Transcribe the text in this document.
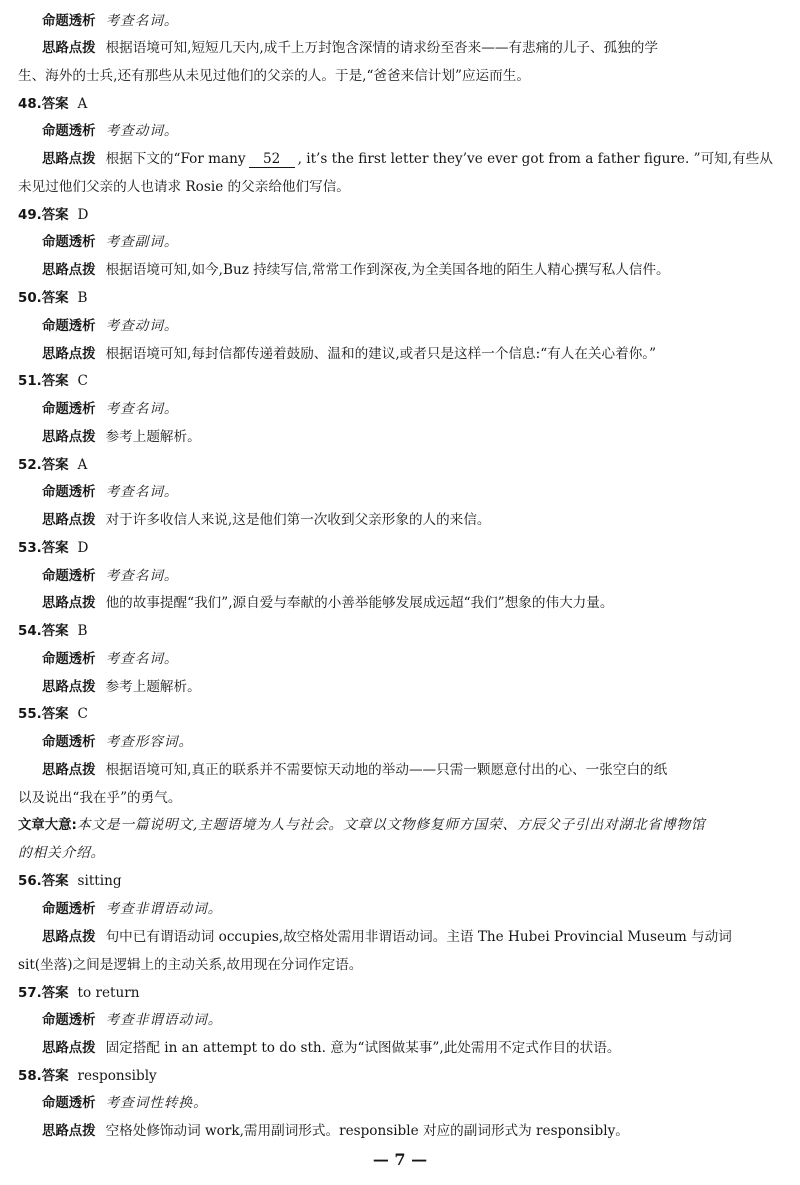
命题透析 考查名词。
思路点拨 根据语境可知,短短几天内,成千上万封饱含深情的请求纷至沓来——有悲痛的儿子、孤独的学
生、海外的士兵,还有那些从未见过他们的父亲的人。于是,“爸爸来信计划”应运而生。
48.答案 A
命题透析 考查动词。
思路点拨 根据下文的“For many 52 , it’s the first letter they’ve ever got from a father figure. ”可知,有些从
未见过他们父亲的人也请求 Rosie 的父亲给他们写信。
49.答案 D
命题透析 考查副词。
思路点拨 根据语境可知,如今,Buz 持续写信,常常工作到深夜,为全美国各地的陌生人精心撰写私人信件。
50.答案 B
命题透析 考查动词。
思路点拨 根据语境可知,每封信都传递着鼓励、温和的建议,或者只是这样一个信息:“有人在关心着你。”
51.答案 C
命题透析 考查名词。
思路点拨 参考上题解析。
52.答案 A
命题透析 考查名词。
思路点拨 对于许多收信人来说,这是他们第一次收到父亲形象的人的来信。
53.答案 D
命题透析 考查名词。
思路点拨 他的故事提醒“我们”,源自爱与奉献的小善举能够发展成远超“我们”想象的伟大力量。
54.答案 B
命题透析 考查名词。
思路点拨 参考上题解析。
55.答案 C
命题透析 考查形容词。
思路点拨 根据语境可知,真正的联系并不需要惊天动地的举动——只需一颗愿意付出的心、一张空白的纸
以及说出“我在乎”的勇气。
文章大意:本文是一篇说明文,主题语境为人与社会。文章以文物修复师方国荣、方辰父子引出对湖北省博物馆
的相关介绍。
56.答案 sitting
命题透析 考查非谓语动词。
思路点拨 句中已有谓语动词 occupies,故空格处需用非谓语动词。主语 The Hubei Provincial Museum 与动词
sit(坐落)之间是逻辑上的主动关系,故用现在分词作定语。
57.答案 to return
命题透析 考查非谓语动词。
思路点拨 固定搭配 in an attempt to do sth. 意为“试图做某事”,此处需用不定式作目的状语。
58.答案 responsibly
命题透析 考查词性转换。
思路点拨 空格处修饰动词 work,需用副词形式。responsible 对应的副词形式为 responsibly。
— 7 —
